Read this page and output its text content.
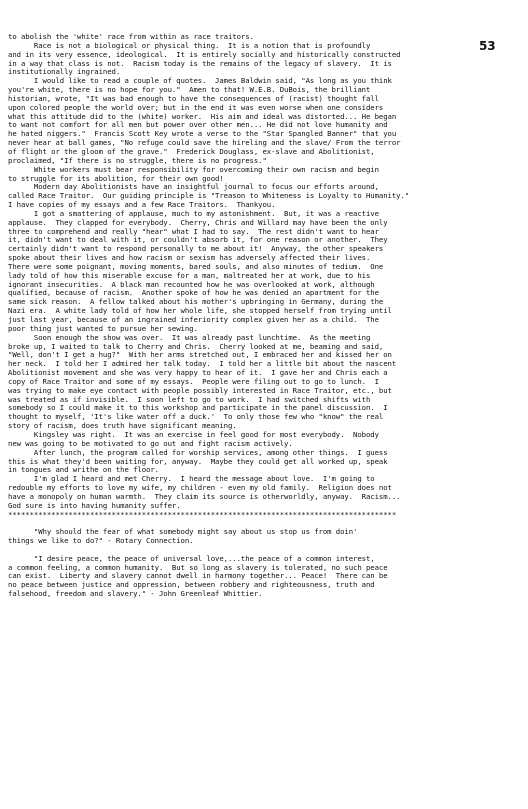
53
to abolish the 'white' race from within as race traitors.
Race is not a biological or physical thing.  It is a notion that is profoundly
and in its very essence, ideological.  It is entirely socially and historically constructed
in a way that class is not.  Racism today is the remains of the legacy of slavery.  It is
institutionally ingrained.
I would like to read a couple of quotes.  James Baldwin said, "As long as you think
you're white, there is no hope for you."  Amen to that! W.E.B. DuBois, the brilliant
historian, wrote, "It was bad enough to have the consequences of (racist) thought fall
upon colored people the world over; but in the end it was even worse when one considers
what this attitude did to the (white) worker.  His aim and ideal was distorted... He began
to want not comfort for all men but power over other men... He did not love humanity and
he hated niggers."  Francis Scott Key wrote a verse to the "Star Spangled Banner" that you
never hear at ball games, "No refuge could save the hireling and the slave/ From the terror
of flight or the gloom of the grave."  Frederick Douglass, ex-slave and Abolitionist,
proclaimed, "If there is no struggle, there is no progress."
White workers must bear responsibility for overcoming their own racism and begin
to struggle for its abolition, for their own good!
Modern day Abolitionists have an insightful journal to focus our efforts around,
called Race Traitor.  Our guiding principle is "Treason to Whiteness is Loyalty to Humanity."
I have copies of my essays and a few Race Traitors.  Thankyou.
I got a smattering of applause, much to my astonishment.  But, it was a reactive
applause.  They clapped for everybody.  Cherry, Chris and Willard may have been the only
three to comprehend and really "hear" what I had to say.  The rest didn't want to hear
it, didn't want to deal with it, or couldn't absorb it, for one reason or another.  They
certainly didn't want to respond personally to me about it!  Anyway, the other speakers
spoke about their lives and how racism or sexism has adversely affected their lives.
There were some poignant, moving moments, bared souls, and also minutes of tedium.  One
lady told of how this miserable excuse for a man, maltreated her at work, due to his
ignorant insecurities.  A black man recounted how he was overlooked at work, although
qualified, because of racism.  Another spoke of how he was denied an apartment for the
same sick reason.  A fellow talked about his mother's upbringing in Germany, during the
Nazi era.  A white lady told of how her whole life, she stopped herself from trying until
just last year, because of an ingrained inferiority complex given her as a child.  The
poor thing just wanted to pursue her sewing.
Soon enough the show was over.  It was already past lunchtime.  As the meeting
broke up, I waited to talk to Cherry and Chris.  Cherry looked at me, beaming and said,
"Well, don't I get a hug?"  With her arms stretched out, I embraced her and kissed her on
her neck.  I told her I admired her talk today.  I told her a little bit about the nascent
Abolitionist movement and she was very happy to hear of it.  I gave her and Chris each a
copy of Race Traitor and some of my essays.  People were filing out to go to lunch.  I
was trying to make eye contact with people possibly interested in Race Traitor, etc., but
was treated as if invisible.  I soon left to go to work.  I had switched shifts with
somebody so I could make it to this workshop and participate in the panel discussion.  I
thought to myself, 'It's like water off a duck.'  To only those few who "know" the real
story of racism, does truth have significant meaning.
Kingsley was right.  It was an exercise in feel good for most everybody.  Nobody
new was going to be motivated to go out and fight racism actively.
After lunch, the program called for worship services, among other things.  I guess
this is what they'd been waiting for, anyway.  Maybe they could get all worked up, speak
in tongues and writhe on the floor.
I'm glad I heard and met Cherry.  I heard the message about love.  I'm going to
redouble my efforts to love my wife, my children - even my old family.  Religion does not
have a monopoly on human warmth.  They claim its source is otherworldly, anyway.  Racism...
God sure is into having humanity suffer.
******************************************************************************************
"Why should the fear of what somebody might say about us stop us from doin'
things we like to do?" - Rotary Connection.
"I desire peace, the peace of universal love,...the peace of a common interest,
a common feeling, a common humanity.  But so long as slavery is tolerated, no such peace
can exist.  Liberty and slavery cannot dwell in harmony together... Peace!  There can be
no peace between justice and oppression, between robbery and righteousness, truth and
falsehood, freedom and slavery." - John Greenleaf Whittier.
